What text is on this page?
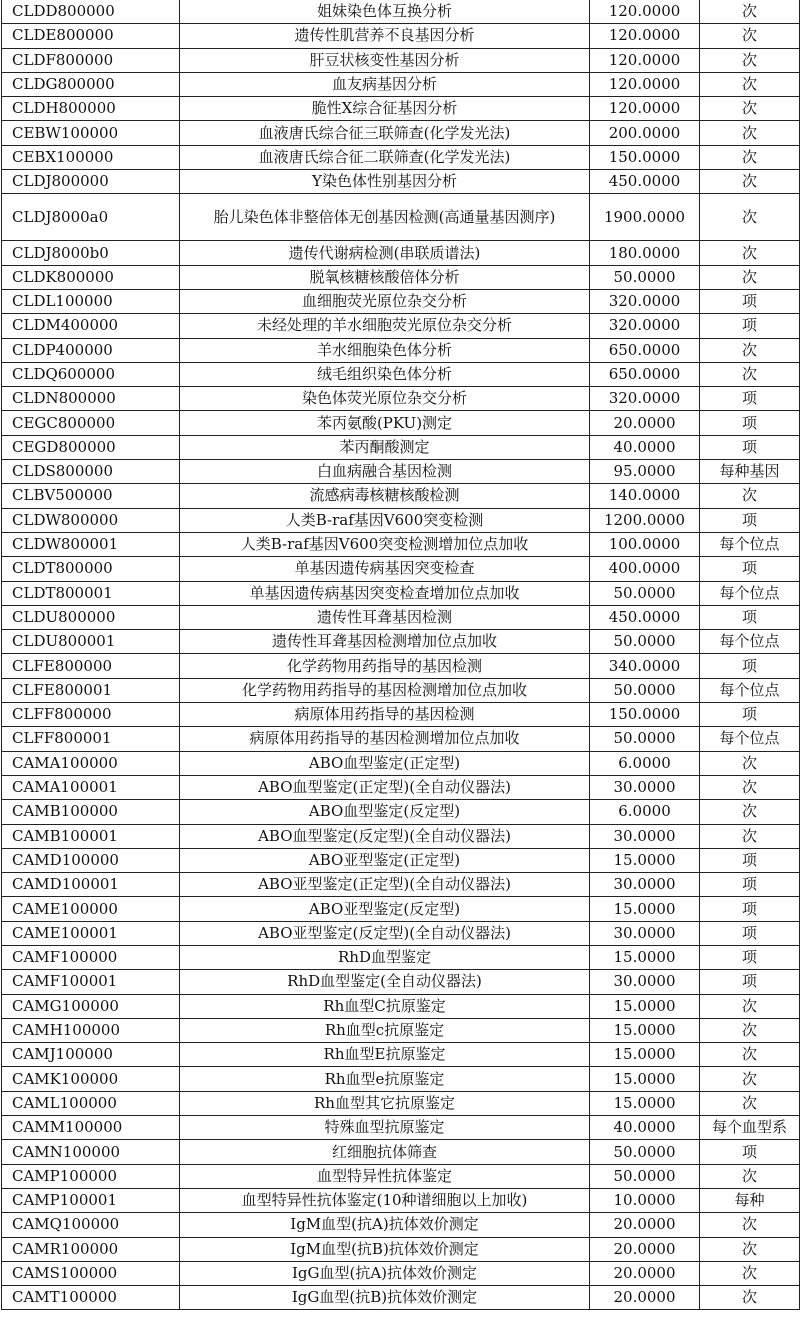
CLDD800000	姐妹染色体互换分析	120.0000	次
CLDE800000	遗传性肌营养不良基因分析	120.0000	次
CLDF800000	肝豆状核变性基因分析	120.0000	次
CLDG800000	血友病基因分析	120.0000	次
CLDH800000	脆性X综合征基因分析	120.0000	次
CEBW100000	血液唐氏综合征三联筛查(化学发光法)	200.0000	次
CEBX100000	血液唐氏综合征二联筛查(化学发光法)	150.0000	次
CLDJ800000	Y染色体性别基因分析	450.0000	次
CLDJ8000a0	胎儿染色体非整倍体无创基因检测(高通量基因测序)	1900.0000	次
CLDJ8000b0	遗传代谢病检测(串联质谱法)	180.0000	次
CLDK800000	脱氧核糖核酸倍体分析	50.0000	次
CLDL100000	血细胞荧光原位杂交分析	320.0000	项
CLDM400000	未经处理的羊水细胞荧光原位杂交分析	320.0000	项
CLDP400000	羊水细胞染色体分析	650.0000	次
CLDQ600000	绒毛组织染色体分析	650.0000	次
CLDN800000	染色体荧光原位杂交分析	320.0000	项
CEGC800000	苯丙氨酸(PKU)测定	20.0000	项
CEGD800000	苯丙酮酸测定	40.0000	项
CLDS800000	白血病融合基因检测	95.0000	每种基因
CLBV500000	流感病毒核糖核酸检测	140.0000	次
CLDW800000	人类B-raf基因V600突变检测	1200.0000	项
CLDW800001	人类B-raf基因V600突变检测增加位点加收	100.0000	每个位点
CLDT800000	单基因遗传病基因突变检查	400.0000	项
CLDT800001	单基因遗传病基因突变检查增加位点加收	50.0000	每个位点
CLDU800000	遗传性耳聋基因检测	450.0000	项
CLDU800001	遗传性耳聋基因检测增加位点加收	50.0000	每个位点
CLFE800000	化学药物用药指导的基因检测	340.0000	项
CLFE800001	化学药物用药指导的基因检测增加位点加收	50.0000	每个位点
CLFF800000	病原体用药指导的基因检测	150.0000	项
CLFF800001	病原体用药指导的基因检测增加位点加收	50.0000	每个位点
CAMA100000	ABO血型鉴定(正定型)	6.0000	次
CAMA100001	ABO血型鉴定(正定型)(全自动仪器法)	30.0000	次
CAMB100000	ABO血型鉴定(反定型)	6.0000	次
CAMB100001	ABO血型鉴定(反定型)(全自动仪器法)	30.0000	次
CAMD100000	ABO亚型鉴定(正定型)	15.0000	项
CAMD100001	ABO亚型鉴定(正定型)(全自动仪器法)	30.0000	项
CAME100000	ABO亚型鉴定(反定型)	15.0000	项
CAME100001	ABO亚型鉴定(反定型)(全自动仪器法)	30.0000	项
CAMF100000	RhD血型鉴定	15.0000	项
CAMF100001	RhD血型鉴定(全自动仪器法)	30.0000	项
CAMG100000	Rh血型C抗原鉴定	15.0000	次
CAMH100000	Rh血型c抗原鉴定	15.0000	次
CAMJ100000	Rh血型E抗原鉴定	15.0000	次
CAMK100000	Rh血型e抗原鉴定	15.0000	次
CAML100000	Rh血型其它抗原鉴定	15.0000	次
CAMM100000	特殊血型抗原鉴定	40.0000	每个血型系
CAMN100000	红细胞抗体筛查	50.0000	项
CAMP100000	血型特异性抗体鉴定	50.0000	次
CAMP100001	血型特异性抗体鉴定(10种谱细胞以上加收)	10.0000	每种
CAMQ100000	IgM血型(抗A)抗体效价测定	20.0000	次
CAMR100000	IgM血型(抗B)抗体效价测定	20.0000	次
CAMS100000	IgG血型(抗A)抗体效价测定	20.0000	次
CAMT100000	IgG血型(抗B)抗体效价测定	20.0000	次
